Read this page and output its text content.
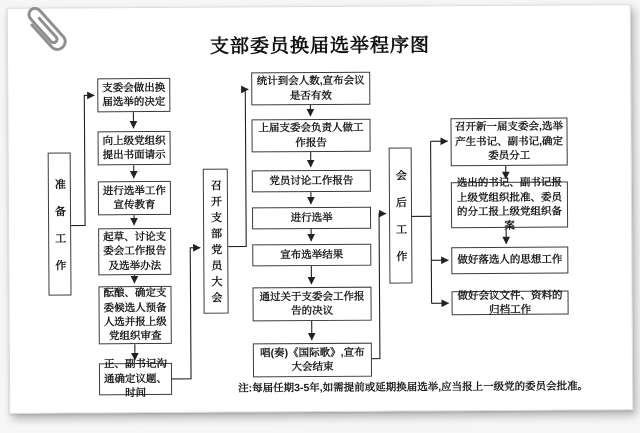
支部委员换届选举程序图
准备工作	召开支部党员大会	会后工作
支委会做出换届选举的决定
向上级党组织提出书面请示
进行选举工作宣传教育
起草、讨论支委会工作报告及选举办法
酝酿、确定支委候选人预备人选并报上级党组织审查
正、副书记沟通确定议题、时间
统计到会人数,宣布会议是否有效
上届支委会负责人做工作报告
党员讨论工作报告
进行选举
宣布选举结果
通过关于支委会工作报告的决议
唱(奏)《国际歌》,宣布大会结束
召开新一届支委会,选举产生书记、副书记,确定委员分工
选出的书记、副书记报上级党组织批准、委员的分工报上级党组织备案
做好落选人的思想工作
做好会议文件、资料的归档工作
注:每届任期3-5年,如需提前或延期换届选举,应当报上一级党的委员会批准。
